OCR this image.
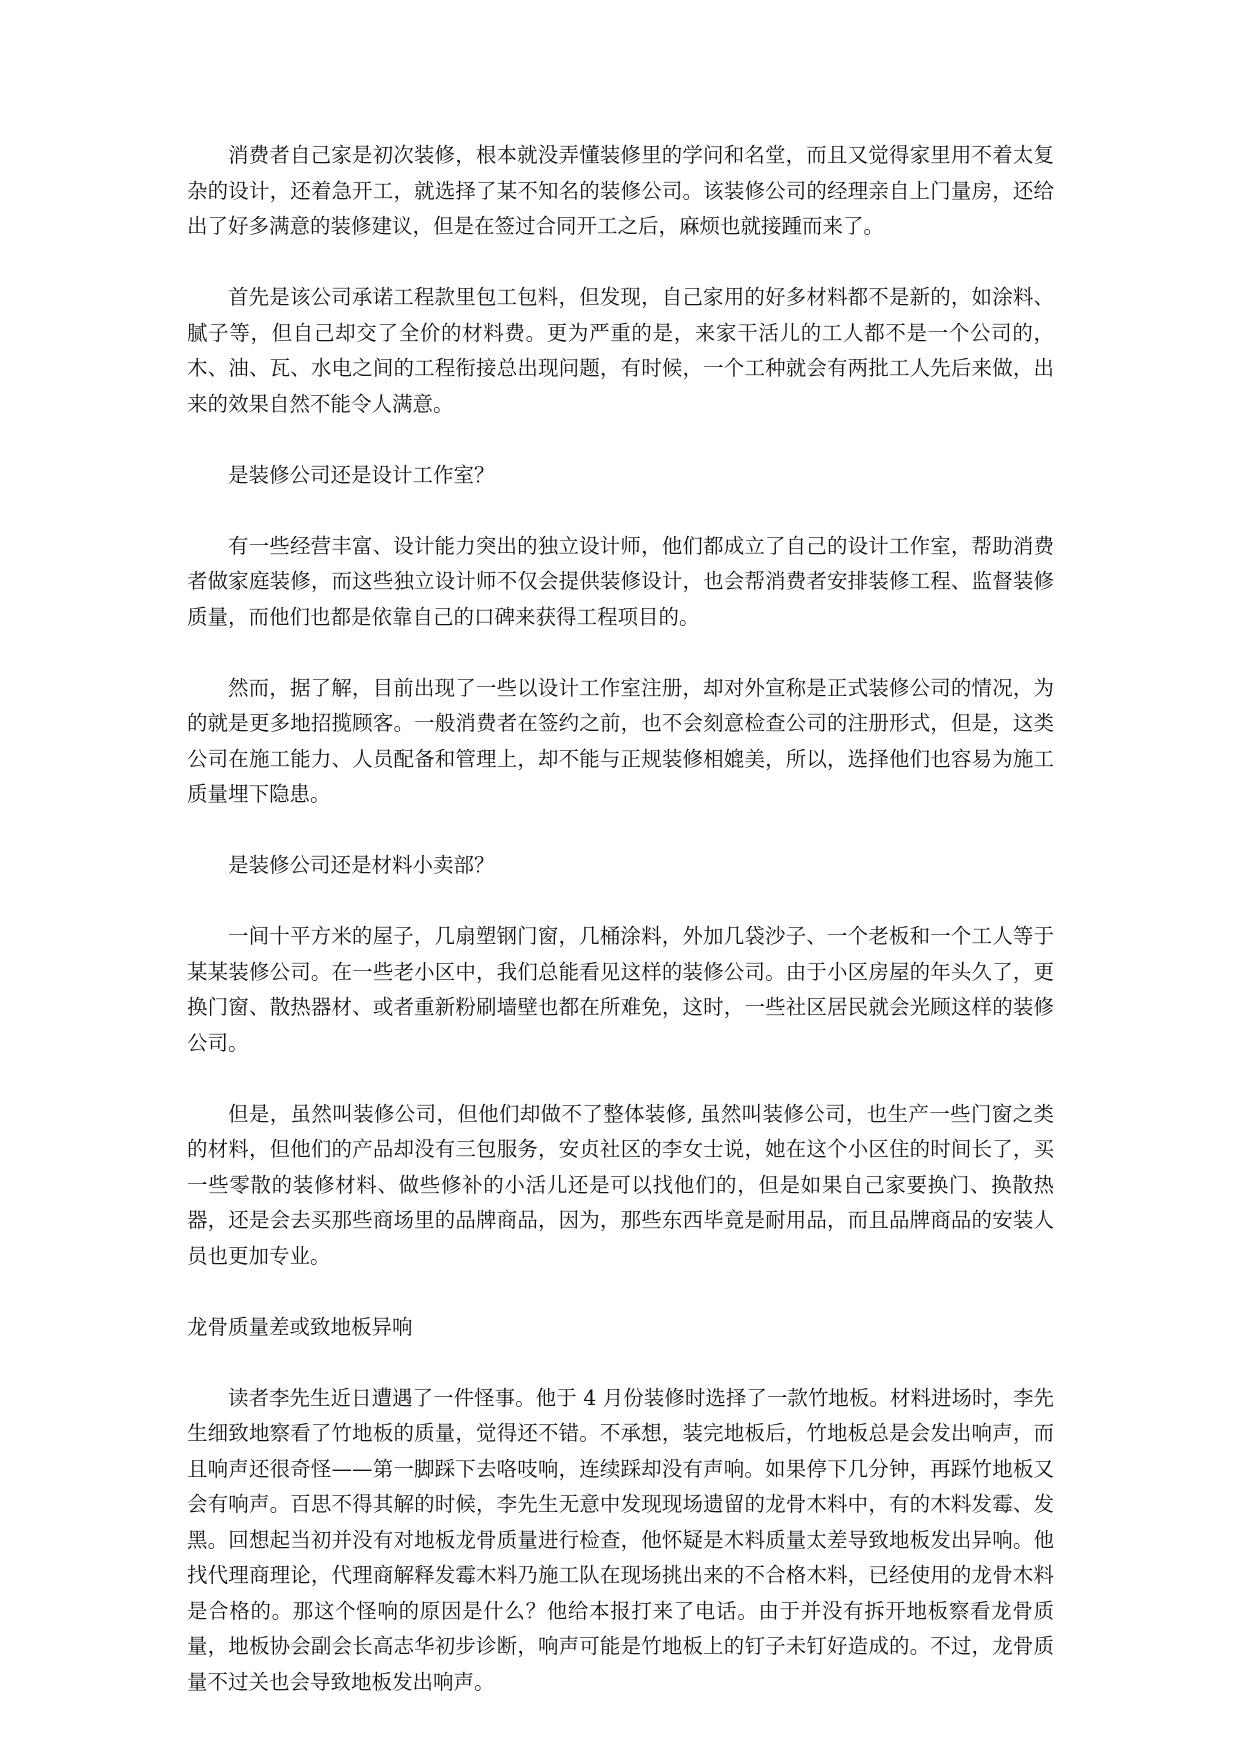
消费者自己家是初次装修，根本就没弄懂装修里的学问和名堂，而且又觉得家里用不着太复杂的设计，还着急开工，就选择了某不知名的装修公司。该装修公司的经理亲自上门量房，还给出了好多满意的装修建议，但是在签过合同开工之后，麻烦也就接踵而来了。

首先是该公司承诺工程款里包工包料，但发现，自己家用的好多材料都不是新的，如涂料、腻子等，但自己却交了全价的材料费。更为严重的是，来家干活儿的工人都不是一个公司的，木、油、瓦、水电之间的工程衔接总出现问题，有时候，一个工种就会有两批工人先后来做，出来的效果自然不能令人满意。

是装修公司还是设计工作室？

有一些经营丰富、设计能力突出的独立设计师，他们都成立了自己的设计工作室，帮助消费者做家庭装修，而这些独立设计师不仅会提供装修设计，也会帮消费者安排装修工程、监督装修质量，而他们也都是依靠自己的口碑来获得工程项目的。

然而，据了解，目前出现了一些以设计工作室注册，却对外宣称是正式装修公司的情况，为的就是更多地招揽顾客。一般消费者在签约之前，也不会刻意检查公司的注册形式，但是，这类公司在施工能力、人员配备和管理上，却不能与正规装修相媲美，所以，选择他们也容易为施工质量埋下隐患。

是装修公司还是材料小卖部？

一间十平方米的屋子，几扇塑钢门窗，几桶涂料，外加几袋沙子、一个老板和一个工人等于某某装修公司。在一些老小区中，我们总能看见这样的装修公司。由于小区房屋的年头久了，更换门窗、散热器材、或者重新粉刷墙壁也都在所难免，这时，一些社区居民就会光顾这样的装修公司。

但是，虽然叫装修公司，但他们却做不了整体装修, 虽然叫装修公司，也生产一些门窗之类的材料，但他们的产品却没有三包服务，安贞社区的李女士说，她在这个小区住的时间长了，买一些零散的装修材料、做些修补的小活儿还是可以找他们的，但是如果自己家要换门、换散热器，还是会去买那些商场里的品牌商品，因为，那些东西毕竟是耐用品，而且品牌商品的安装人员也更加专业。

龙骨质量差或致地板异响

读者李先生近日遭遇了一件怪事。他于 4 月份装修时选择了一款竹地板。材料进场时，李先生细致地察看了竹地板的质量，觉得还不错。不承想，装完地板后，竹地板总是会发出响声，而且响声还很奇怪——第一脚踩下去咯吱响，连续踩却没有声响。如果停下几分钟，再踩竹地板又会有响声。百思不得其解的时候，李先生无意中发现现场遗留的龙骨木料中，有的木料发霉、发黑。回想起当初并没有对地板龙骨质量进行检查，他怀疑是木料质量太差导致地板发出异响。他找代理商理论，代理商解释发霉木料乃施工队在现场挑出来的不合格木料，已经使用的龙骨木料是合格的。那这个怪响的原因是什么？他给本报打来了电话。由于并没有拆开地板察看龙骨质量，地板协会副会长高志华初步诊断，响声可能是竹地板上的钉子未钉好造成的。不过，龙骨质量不过关也会导致地板发出响声。
